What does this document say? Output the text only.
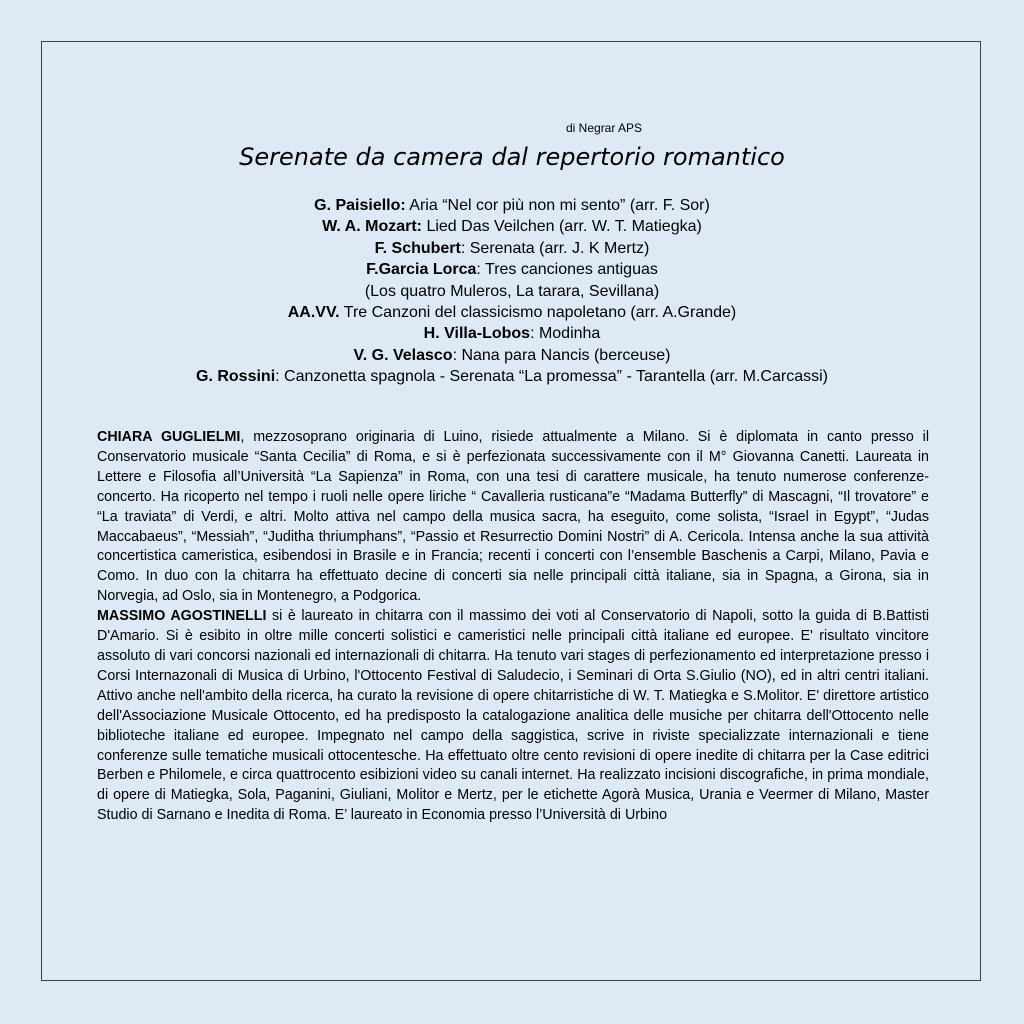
di Negrar APS
Serenate da camera dal repertorio romantico
G. Paisiello: Aria “Nel cor più non mi sento” (arr. F. Sor)
W. A. Mozart: Lied Das Veilchen (arr. W. T. Matiegka)
F. Schubert: Serenata (arr. J. K Mertz)
F.Garcia Lorca: Tres canciones antiguas
(Los quatro Muleros, La tarara, Sevillana)
AA.VV. Tre Canzoni del classicismo napoletano (arr. A.Grande)
H. Villa-Lobos: Modinha
V. G. Velasco: Nana para Nancis (berceuse)
G. Rossini: Canzonetta spagnola - Serenata “La promessa” - Tarantella (arr. M.Carcassi)

CHIARA GUGLIELMI, mezzosoprano originaria di Luino, risiede attualmente a Milano. Si è diplomata in canto presso il Conservatorio musicale “Santa Cecilia” di Roma, e si è perfezionata successivamente con il M° Giovanna Canetti. Laureata in Lettere e Filosofia all’Università “La Sapienza” in Roma, con una tesi di carattere musicale, ha tenuto numerose conferenze-concerto. Ha ricoperto nel tempo i ruoli nelle opere liriche “ Cavalleria rusticana”e “Madama Butterfly” di Mascagni, “Il trovatore” e “La traviata” di Verdi, e altri. Molto attiva nel campo della musica sacra, ha eseguito, come solista, “Israel in Egypt”, “Judas Maccabaeus”, “Messiah”, “Juditha thriumphans”, “Passio et Resurrectio Domini Nostri” di A. Cericola. Intensa anche la sua attività concertistica cameristica, esibendosi in Brasile e in Francia; recenti i concerti con l’ensemble Baschenis a Carpi, Milano, Pavia e Como. In duo con la chitarra ha effettuato decine di concerti sia nelle principali città italiane, sia in Spagna, a Girona, sia in Norvegia, ad Oslo, sia in Montenegro, a Podgorica.

MASSIMO AGOSTINELLI si è laureato in chitarra con il massimo dei voti al Conservatorio di Napoli, sotto la guida di B.Battisti D'Amario. Si è esibito in oltre mille concerti solistici e cameristici nelle principali città italiane ed europee. E' risultato vincitore assoluto di vari concorsi nazionali ed internazionali di chitarra. Ha tenuto vari stages di perfezionamento ed interpretazione presso i Corsi Internazonali di Musica di Urbino, l'Ottocento Festival di Saludecio, i Seminari di Orta S.Giulio (NO), ed in altri centri italiani. Attivo anche nell'ambito della ricerca, ha curato la revisione di opere chitarristiche di W. T. Matiegka e S.Molitor. E' direttore artistico dell'Associazione Musicale Ottocento, ed ha predisposto la catalogazione analitica delle musiche per chitarra dell'Ottocento nelle biblioteche italiane ed europee. Impegnato nel campo della saggistica, scrive in riviste specializzate internazionali e tiene conferenze sulle tematiche musicali ottocentesche. Ha effettuato oltre cento revisioni di opere inedite di chitarra per la Case editrici Berben e Philomele, e circa quattrocento esibizioni video su canali internet. Ha realizzato incisioni discografiche, in prima mondiale, di opere di Matiegka, Sola, Paganini, Giuliani, Molitor e Mertz, per le etichette Agorà Musica, Urania e Veermer di Milano, Master Studio di Sarnano e Inedita di Roma. E’ laureato in Economia presso l’Università di Urbino
